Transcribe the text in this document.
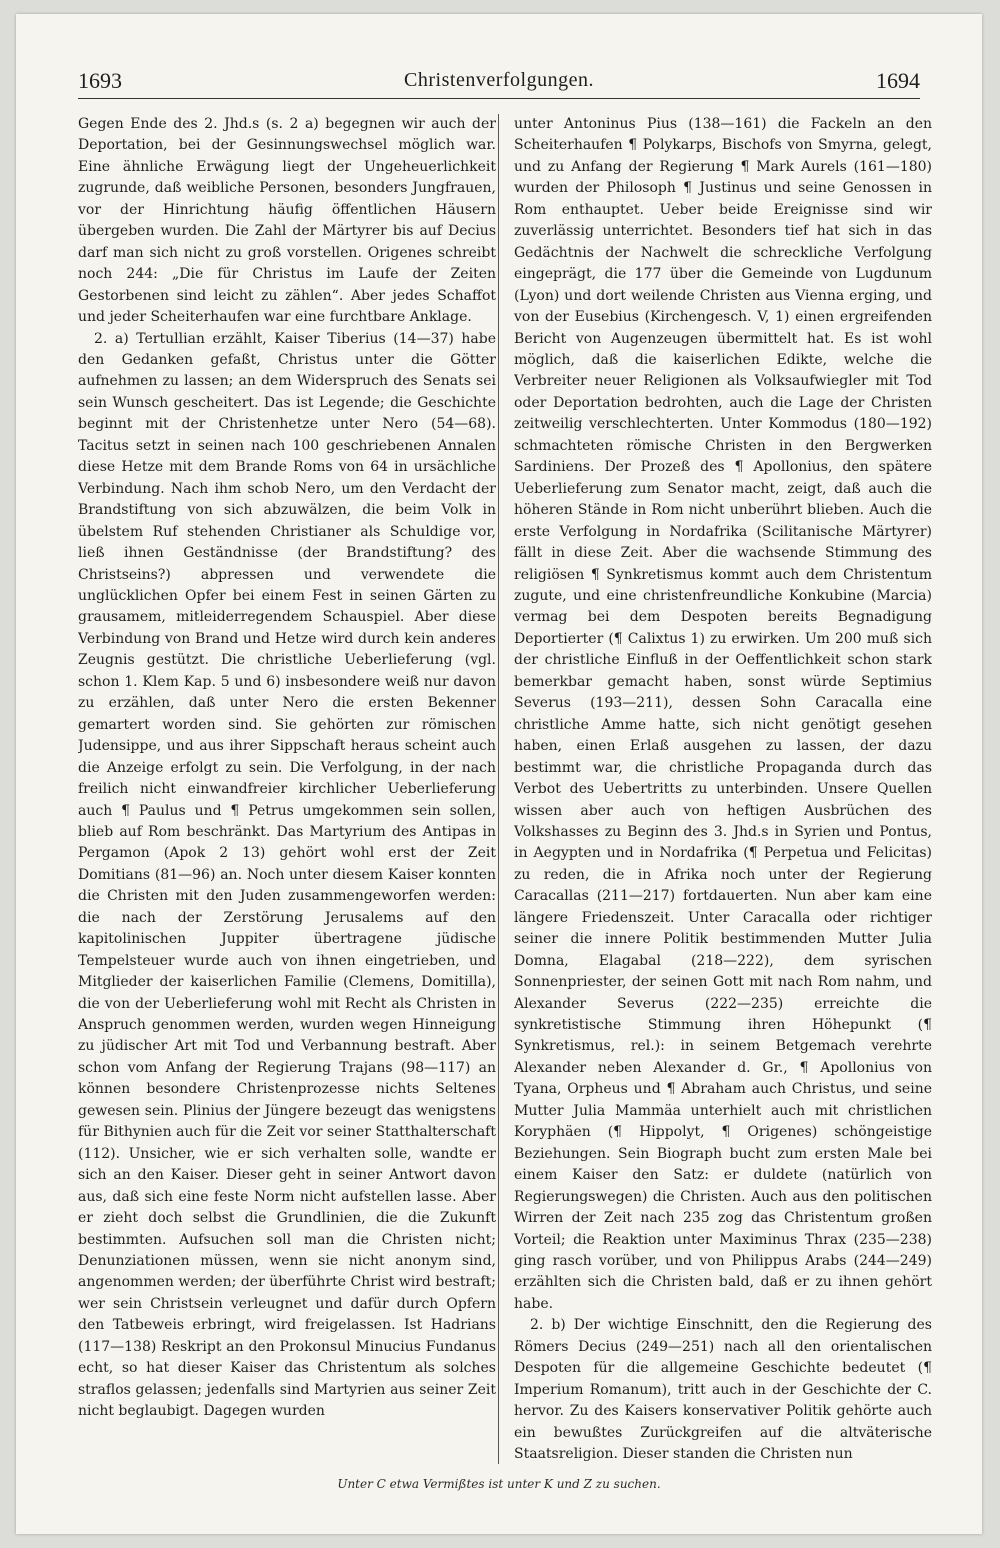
1693	Christenverfolgungen.	1694

Gegen Ende des 2. Jhd.s (s. 2 a) begegnen wir auch der Deportation, bei der Gesinnungswechsel möglich war. Eine ähnliche Erwägung liegt der Ungeheuerlichkeit zugrunde, daß weibliche Personen, besonders Jungfrauen, vor der Hinrichtung häufig öffentlichen Häusern übergeben wurden. Die Zahl der Märtyrer bis auf Decius darf man sich nicht zu groß vorstellen. Origenes schreibt noch 244: „Die für Christus im Laufe der Zeiten Gestorbenen sind leicht zu zählen“. Aber jedes Schaffot und jeder Scheiterhaufen war eine furchtbare Anklage.

2. a) Tertullian erzählt, Kaiser Tiberius (14—37) habe den Gedanken gefaßt, Christus unter die Götter aufnehmen zu lassen; an dem Widerspruch des Senats sei sein Wunsch gescheitert. Das ist Legende; die Geschichte beginnt mit der Christenhetze unter Nero (54—68). Tacitus setzt in seinen nach 100 geschriebenen Annalen diese Hetze mit dem Brande Roms von 64 in ursächliche Verbindung. Nach ihm schob Nero, um den Verdacht der Brandstiftung von sich abzuwälzen, die beim Volk in übelstem Ruf stehenden Christianer als Schuldige vor, ließ ihnen Geständnisse (der Brandstiftung? des Christseins?) abpressen und verwendete die unglücklichen Opfer bei einem Fest in seinen Gärten zu grausamem, mitleiderregendem Schauspiel. Aber diese Verbindung von Brand und Hetze wird durch kein anderes Zeugnis gestützt. Die christliche Ueberlieferung (vgl. schon 1. Klem Kap. 5 und 6) insbesondere weiß nur davon zu erzählen, daß unter Nero die ersten Bekenner gemartert worden sind. Sie gehörten zur römischen Judensippe, und aus ihrer Sippschaft heraus scheint auch die Anzeige erfolgt zu sein. Die Verfolgung, in der nach freilich nicht einwandfreier kirchlicher Ueberlieferung auch ¶ Paulus und ¶ Petrus umgekommen sein sollen, blieb auf Rom beschränkt. Das Martyrium des Antipas in Pergamon (Apok 2 13) gehört wohl erst der Zeit Domitians (81—96) an. Noch unter diesem Kaiser konnten die Christen mit den Juden zusammengeworfen werden: die nach der Zerstörung Jerusalems auf den kapitolinischen Juppiter übertragene jüdische Tempelsteuer wurde auch von ihnen eingetrieben, und Mitglieder der kaiserlichen Familie (Clemens, Domitilla), die von der Ueberlieferung wohl mit Recht als Christen in Anspruch genommen werden, wurden wegen Hinneigung zu jüdischer Art mit Tod und Verbannung bestraft. Aber schon vom Anfang der Regierung Trajans (98—117) an können besondere Christenprozesse nichts Seltenes gewesen sein. Plinius der Jüngere bezeugt das wenigstens für Bithynien auch für die Zeit vor seiner Statthalterschaft (112). Unsicher, wie er sich verhalten solle, wandte er sich an den Kaiser. Dieser geht in seiner Antwort davon aus, daß sich eine feste Norm nicht aufstellen lasse. Aber er zieht doch selbst die Grundlinien, die die Zukunft bestimmten. Aufsuchen soll man die Christen nicht; Denunziationen müssen, wenn sie nicht anonym sind, angenommen werden; der überführte Christ wird bestraft; wer sein Christsein verleugnet und dafür durch Opfern den Tatbeweis erbringt, wird freigelassen. Ist Hadrians (117—138) Reskript an den Prokonsul Minucius Fundanus echt, so hat dieser Kaiser das Christentum als solches straflos gelassen; jedenfalls sind Martyrien aus seiner Zeit nicht beglaubigt. Dagegen wurden

unter Antoninus Pius (138—161) die Fackeln an den Scheiterhaufen ¶ Polykarps, Bischofs von Smyrna, gelegt, und zu Anfang der Regierung ¶ Mark Aurels (161—180) wurden der Philosoph ¶ Justinus und seine Genossen in Rom enthauptet. Ueber beide Ereignisse sind wir zuverlässig unterrichtet. Besonders tief hat sich in das Gedächtnis der Nachwelt die schreckliche Verfolgung eingeprägt, die 177 über die Gemeinde von Lugdunum (Lyon) und dort weilende Christen aus Vienna erging, und von der Eusebius (Kirchengesch. V, 1) einen ergreifenden Bericht von Augenzeugen übermittelt hat. Es ist wohl möglich, daß die kaiserlichen Edikte, welche die Verbreiter neuer Religionen als Volksaufwiegler mit Tod oder Deportation bedrohten, auch die Lage der Christen zeitweilig verschlechterten. Unter Kommodus (180—192) schmachteten römische Christen in den Bergwerken Sardiniens. Der Prozeß des ¶ Apollonius, den spätere Ueberlieferung zum Senator macht, zeigt, daß auch die höheren Stände in Rom nicht unberührt blieben. Auch die erste Verfolgung in Nordafrika (Scilitanische Märtyrer) fällt in diese Zeit. Aber die wachsende Stimmung des religiösen ¶ Synkretismus kommt auch dem Christentum zugute, und eine christenfreundliche Konkubine (Marcia) vermag bei dem Despoten bereits Begnadigung Deportierter (¶ Calixtus 1) zu erwirken. Um 200 muß sich der christliche Einfluß in der Oeffentlichkeit schon stark bemerkbar gemacht haben, sonst würde Septimius Severus (193—211), dessen Sohn Caracalla eine christliche Amme hatte, sich nicht genötigt gesehen haben, einen Erlaß ausgehen zu lassen, der dazu bestimmt war, die christliche Propaganda durch das Verbot des Uebertritts zu unterbinden. Unsere Quellen wissen aber auch von heftigen Ausbrüchen des Volkshasses zu Beginn des 3. Jhd.s in Syrien und Pontus, in Aegypten und in Nordafrika (¶ Perpetua und Felicitas) zu reden, die in Afrika noch unter der Regierung Caracallas (211—217) fortdauerten. Nun aber kam eine längere Friedenszeit. Unter Caracalla oder richtiger seiner die innere Politik bestimmenden Mutter Julia Domna, Elagabal (218—222), dem syrischen Sonnenpriester, der seinen Gott mit nach Rom nahm, und Alexander Severus (222—235) erreichte die synkretistische Stimmung ihren Höhepunkt (¶ Synkretismus, rel.): in seinem Betgemach verehrte Alexander neben Alexander d. Gr., ¶ Apollonius von Tyana, Orpheus und ¶ Abraham auch Christus, und seine Mutter Julia Mammäa unterhielt auch mit christlichen Koryphäen (¶ Hippolyt, ¶ Origenes) schöngeistige Beziehungen. Sein Biograph bucht zum ersten Male bei einem Kaiser den Satz: er duldete (natürlich von Regierungswegen) die Christen. Auch aus den politischen Wirren der Zeit nach 235 zog das Christentum großen Vorteil; die Reaktion unter Maximinus Thrax (235—238) ging rasch vorüber, und von Philippus Arabs (244—249) erzählten sich die Christen bald, daß er zu ihnen gehört habe.

2. b) Der wichtige Einschnitt, den die Regierung des Römers Decius (249—251) nach all den orientalischen Despoten für die allgemeine Geschichte bedeutet (¶ Imperium Romanum), tritt auch in der Geschichte der C. hervor. Zu des Kaisers konservativer Politik gehörte auch ein bewußtes Zurückgreifen auf die altväterische Staatsreligion. Dieser standen die Christen nun

Unter C etwa Vermißtes ist unter K und Z zu suchen.
